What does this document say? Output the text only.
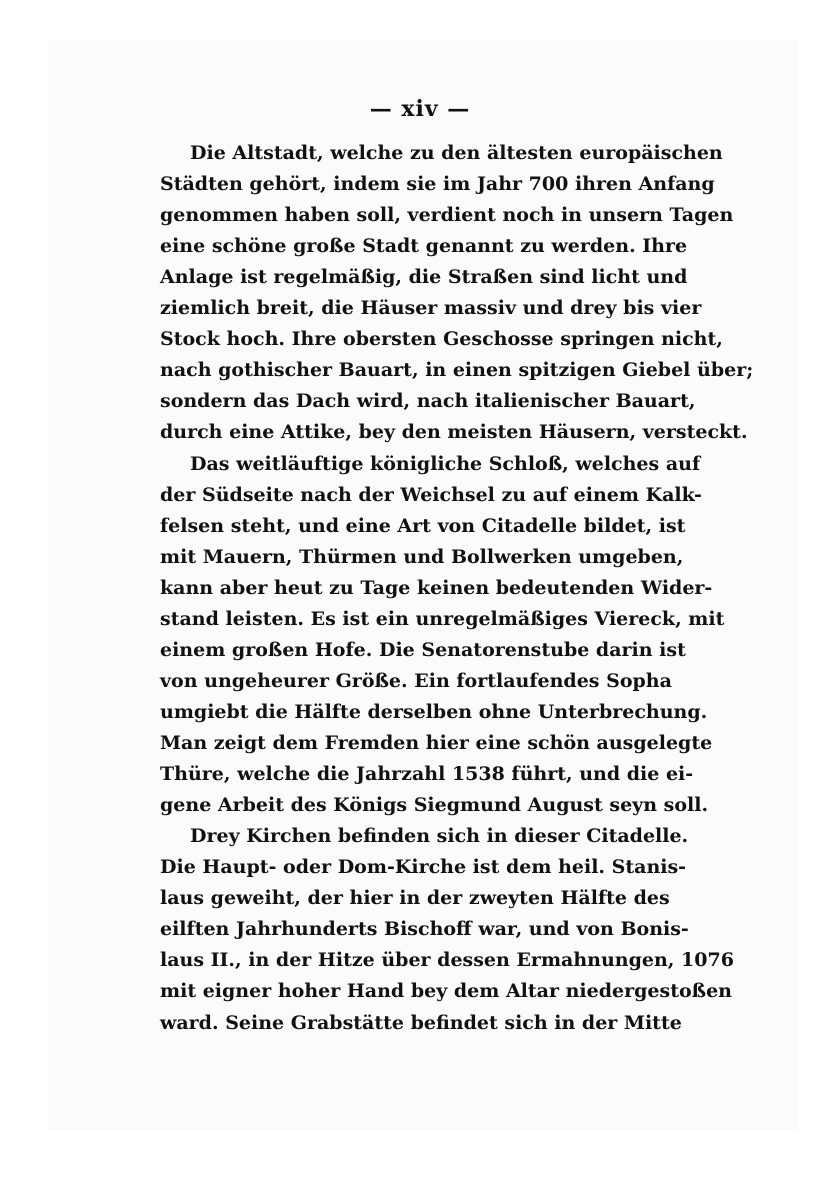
— xiv —
Die Altstadt, welche zu den ältesten europäischen
Städten gehört, indem sie im Jahr 700 ihren Anfang
genommen haben soll, verdient noch in unsern Tagen
eine schöne große Stadt genannt zu werden. Ihre
Anlage ist regelmäßig, die Straßen sind licht und
ziemlich breit, die Häuser massiv und drey bis vier
Stock hoch. Ihre obersten Geschosse springen nicht,
nach gothischer Bauart, in einen spitzigen Giebel über;
sondern das Dach wird, nach italienischer Bauart,
durch eine Attike, bey den meisten Häusern, versteckt.
Das weitläuftige königliche Schloß, welches auf
der Südseite nach der Weichsel zu auf einem Kalk-
felsen steht, und eine Art von Citadelle bildet, ist
mit Mauern, Thürmen und Bollwerken umgeben,
kann aber heut zu Tage keinen bedeutenden Wider-
stand leisten. Es ist ein unregelmäßiges Viereck, mit
einem großen Hofe. Die Senatorenstube darin ist
von ungeheurer Größe. Ein fortlaufendes Sopha
umgiebt die Hälfte derselben ohne Unterbrechung.
Man zeigt dem Fremden hier eine schön ausgelegte
Thüre, welche die Jahrzahl 1538 führt, und die ei-
gene Arbeit des Königs Siegmund August seyn soll.
Drey Kirchen befinden sich in dieser Citadelle.
Die Haupt- oder Dom-Kirche ist dem heil. Stanis-
laus geweiht, der hier in der zweyten Hälfte des
eilften Jahrhunderts Bischoff war, und von Bonis-
laus II., in der Hitze über dessen Ermahnungen, 1076
mit eigner hoher Hand bey dem Altar niedergestoßen
ward. Seine Grabstätte befindet sich in der Mitte
